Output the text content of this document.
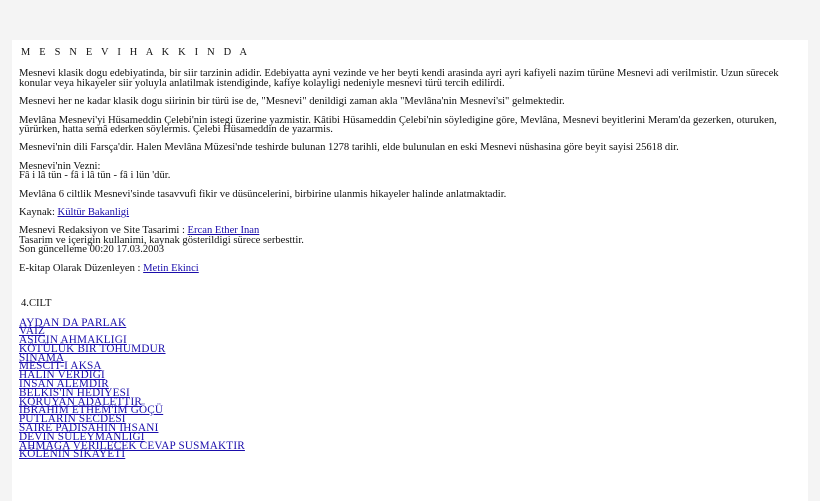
M E S N E V I H A K K I N D A

Mesnevi klasik dogu edebiyatinda, bir siir tarzinin adidir. Edebiyatta ayni vezinde ve her beyti kendi arasinda ayri ayri kafiyeli nazim türüne Mesnevi adi verilmistir. Uzun sürecek konular veya hikayeler siir yoluyla anlatilmak istendiginde, kafiye kolayligi nedeniyle mesnevi türü tercih edilirdi.

Mesnevi her ne kadar klasik dogu siirinin bir türü ise de, "Mesnevi" denildigi zaman akla "Mevlâna'nin Mesnevi'si" gelmektedir.

Mevlâna Mesnevi'yi Hüsameddin Çelebi'nin istegi üzerine yazmistir. Kâtibi Hüsameddin Çelebi'nin söyledigine göre, Mevlâna, Mesnevi beyitlerini Meram'da gezerken, oturuken, yürürken, hatta semâ ederken söylermis. Çelebi Hüsameddin de yazarmis.

Mesnevi'nin dili Farsça'dir. Halen Mevlâna Müzesi'nde teshirde bulunan 1278 tarihli, elde bulunulan en eski Mesnevi nüshasina göre beyit sayisi 25618 dir.

Mesnevi'nin Vezni:
Fâ i lâ tün - fâ i lâ tün - fâ i lün 'dür.

Mevlâna 6 ciltlik Mesnevi'sinde tasavvufi fikir ve düsüncelerini, birbirine ulanmis hikayeler halinde anlatmaktadir.

Kaynak: Kültür Bakanligi

Mesnevi Redaksiyon ve Site Tasarimi : Ercan Ether Inan
Tasarim ve içerigin kullanimi, kaynak gösterildigi sürece serbesttir.
Son güncelleme 00:20 17.03.2003

E-kitap Olarak Düzenleyen : Metin Ekinci

4.CILT
AYDAN DA PARLAK
VAIZ
ASIGIN AHMAKLIGI
KÖTÜLÜK BIR TOHUMDUR
SINAMA
MESCIT-I AKSA
HALIN VERDIGI
INSAN ALEMDIR
BELKIS'IN HEDIYESI
KORUYAN ADALETTIR
IBRAHIM ETHEM'IM GÖÇÜ
PUTLARIN SECDESI
SAIRE PADISAHIN IHSANI
DEVIN SÜLEYMANLIGI
AHMAGA VERILECEK CEVAP SUSMAKTIR
KÖLENIN SIKAYETI
